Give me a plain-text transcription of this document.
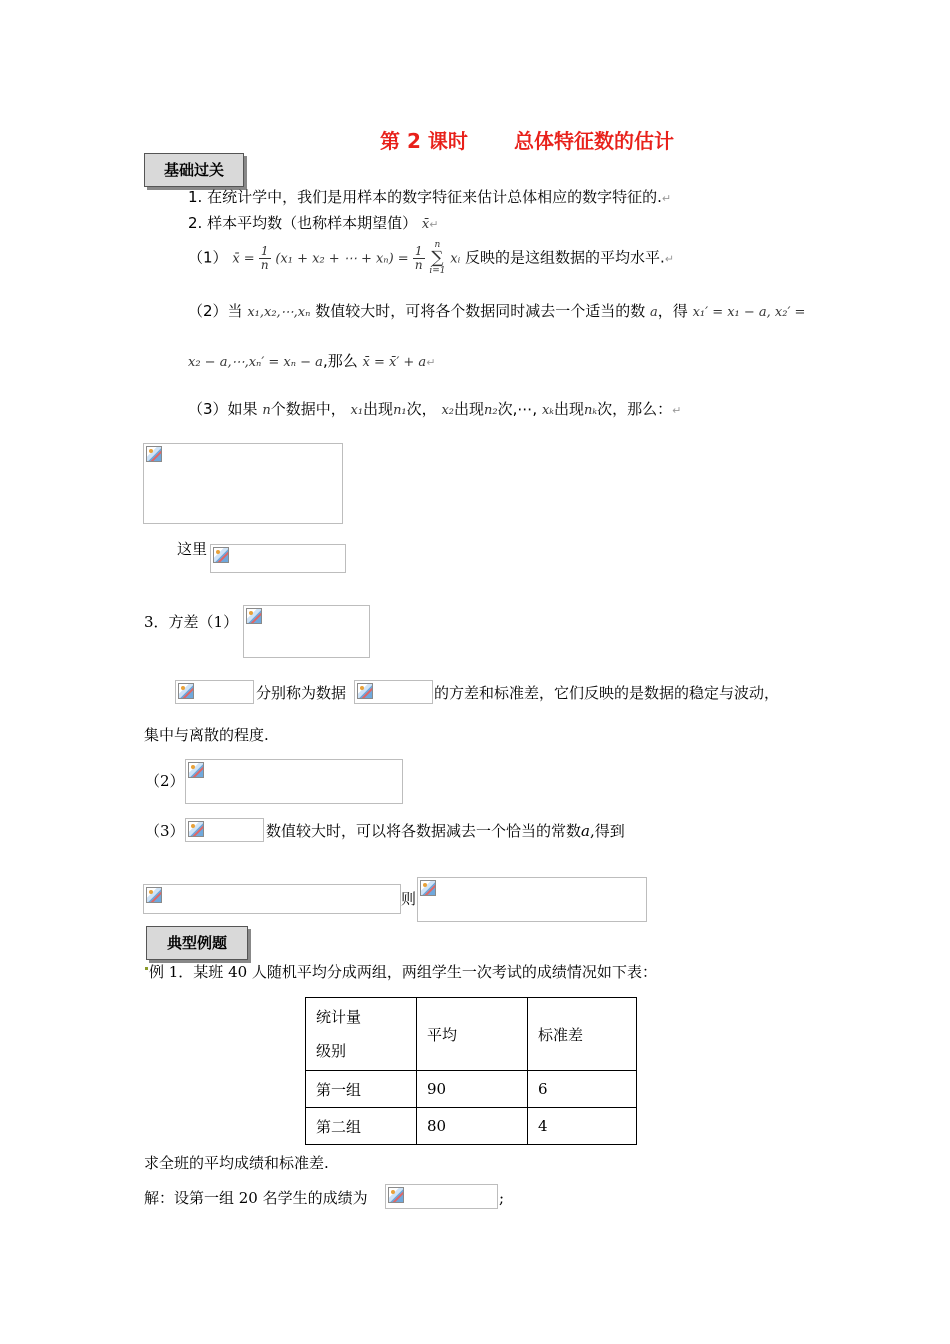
第 2 课时 总体特征数的估计
基础过关
1. 在统计学中，我们是用样本的数字特征来估计总体相应的数字特征的.↵
2. 样本平均数（也称样本期望值） x̄↵
（1） x̄ = $\frac{1}{n} (x_1 + x_2$ + ⋯ + $x_n) = \frac{1}{n}$ n
∑
i=1 xᵢ 反映的是这组数据的平均水平.↵
（2）当 x₁,x₂,⋯,xₙ 数值较大时，可将各个数据同时减去一个适当的数 a，得 x₁′ = x₁ − a, x₂′ =
x₂ − a,⋯,xₙ′ = xₙ − a,那么 x̄ = x̄′ + a↵
（3）如果 n个数据中， x₁出现n₁次， x₂出现n₂次,⋯, xₖ出现nₖ次，那么：↵
这里
3．方差（1）
分别称为数据	的方差和标准差，它们反映的是数据的稳定与波动，
集中与离散的程度.
（2）
（3）	数值较大时，可以将各数据减去一个恰当的常数a,得到
则
典型例题
例 1．某班 40 人随机平均分成两组，两组学生一次考试的成绩情况如下表：
统计量
级别	平均	标准差
第一组	90	6
第二组	80	4
求全班的平均成绩和标准差.
解：设第一组 20 名学生的成绩为	;
